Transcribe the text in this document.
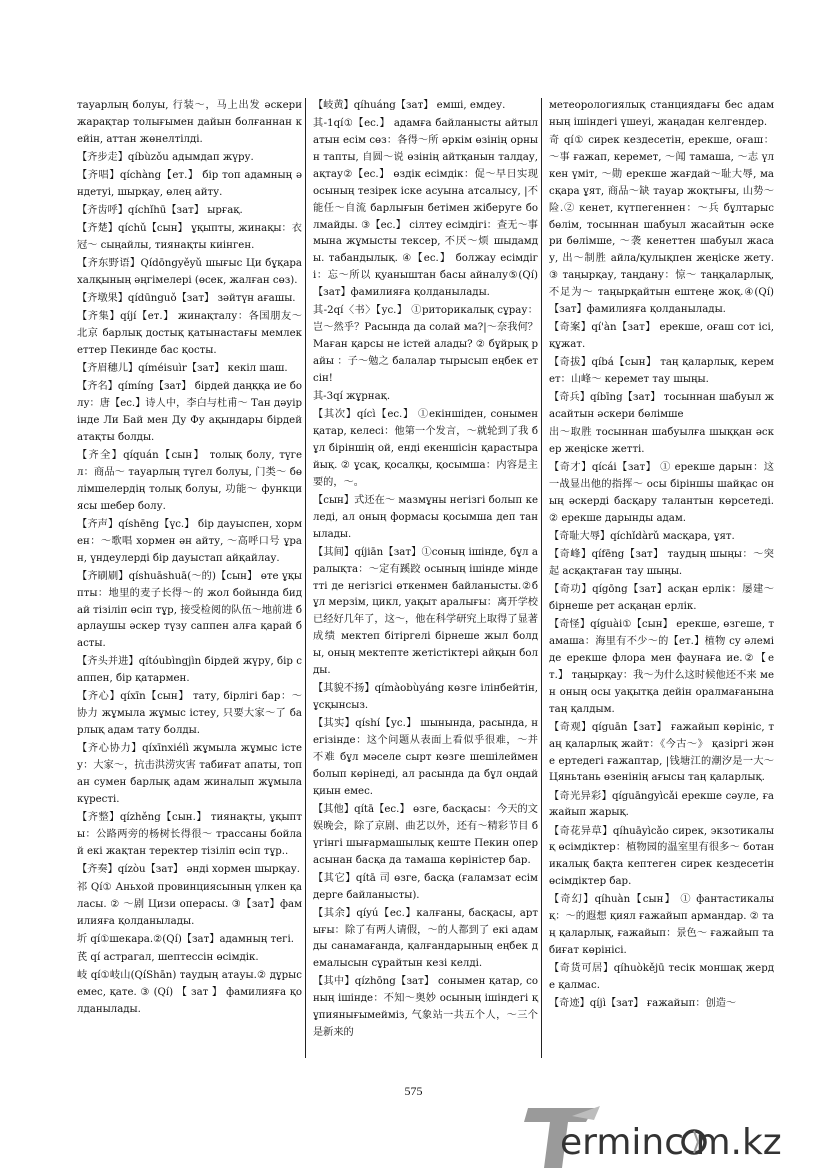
тауарлың болуы, 行装～，马上出发 әскери жарақтар толығымен дайын болғаннан кейін, аттан жөнелтілді.

【齐步走】qíbùzǒu адымдап жүру.

【齐唱】qíchàng【ет.】 бір топ адамның әндетуі, шырқау, өлең айту.

【齐齿呼】qíchǐhū【зат】 ырғақ.

【齐楚】qíchǔ【сын】 ұқыпты, жинақы：衣冠～ сыңайлы, тиянақты киінген.

【齐东野语】Qídōngyěyǔ шығыс Ци бұқара халқының әңгімелері (өсек, жалған сөз).

【齐墩果】qídūnguǒ【зат】 зәйтүн ағашы.

【齐集】qíjí【ет.】 жинақталу：各国朋友～北京 барлық достық қатынастағы мемлекеттер Пекинде бас қосты.

【齐眉穗儿】qíméisuìr【зат】 кекіл шаш.

【齐名】qímíng【зат】 бірдей даңққа ие болу：唐【ес.】诗人中，李白与杜甫～ Тан дәуірінде Ли Бай мен Ду Фу ақындары бірдей атақты болды.

【齐全】qíquán【сын】 толық болу, түгел：商品～ тауарлың түгел болуы, 门类～ бөлімшелердің толық болуы, 功能～ функциясы шебер болу.

【齐声】qíshēng【үс.】 бір дауыспен, хормен：～歌唱 хормен ән айту, ～高呼口号 ұран, үндеулерді бір дауыстап айқайлау.

【齐刷刷】qíshuāshuā(～的)【сын】 өте ұқыпты：地里的麦子长得～的 жол бойында бидай тізіліп өсіп тұр, 接受检阅的队伍～地前进 барлаушы әскер түзу саппен алға қарай басты.

【齐头并进】qítóubìngjìn бірдей жүру, бір саппен, бір қатармен.

【齐心】qíxīn【сын】 тату, бірлігі бар：～协力 жұмыла жұмыс істеу, 只要大家～了 барлық адам тату болды.

【齐心协力】qíxīnxiélì жұмыла жұмыс істеу：大家～，抗击洪涝灾害 табиғат апаты, топан сумен барлық адам жиналып жұмыла күресті.

【齐整】qízhěng【сын.】 тиянақты, ұқыпты：公路两旁的杨树长得很～ трассаны бойлай екі жақтан теректер тізіліп өсіп тұр..

【齐奏】qízòu【зат】 әнді хормен шырқау.

祁 Qí① Аньхой провинциясының үлкен қаласы. ② ～剧 Цизи операсы. ③【зат】фамилияға қолданылады.

圻 qí①шекара.②(Qí)【зат】адамның тегі.

芪 qí астрагал, шептессін өсімдік.

岐 qí①岐山(QíShān) таудың атауы.② дұрыс емес, қате. ③ (Qí) 【 зат 】 фамилияға қолданылады.

【岐黄】qíhuáng【зат】 емші, емдеу.

其-1qí①【ес.】 адамға байланысты айтылатын есім сөз：各得～所 әркім өзінің орнын тапты, 自圆～说 өзінің айтқанын талдау, ақтау②【ес.】 өздік есімдік：促～早日实现 осының тезірек іске асуына атсалысу, |不能任～自流 барлығын бетімен жіберуге болмайды. ③【ес.】 сілтеу есімдігі：查无～事 мына жұмысты тексер, 不厌～烦 шыдамды. табандылық. ④【ес.】 болжау есімдігі：忘～所以 қуаныштан басы айналу⑤(Qí)【зат】фамилияға қолданылады.

其-2qí〈书〉【ус.】 ①риторикалық сұрау：岂～然乎？Расында да солай ма?|～奈我何？Маған қарсы не істей алады? ② бұйрық райы ：子～勉之 балалар тырысып еңбек етсін!

其-3qí жұрнақ.

【其次】qícì【ес.】 ①екіншіден, сонымен қатар, келесі：他第一个发言，～就轮到了我 бұл біріншің ой, енді екеншісін қарастырайық. ② ұсақ, қосалқы, қосымша：内容是主要的，～。

【сын】式还在～ мазмұны негізгі болып келеді, ал оның формасы қосымша деп танылады.

【其间】qíjiān【зат】①соның ішінде, бұл аралықта：～定有蹊跤 осының ішінде міндетті де негізгісі өткенмен байланысты.②бұл мерзім, цикл, уақыт аралығы：离开学校已经好几年了，这～，他在科学研究上取得了显著成绩 мектеп бітіргелі бірнеше жыл болды, оның мектепте жетістіктері айқын болды.

【其貌不扬】qímàobùyáng көзге ілінбейтін, ұсқынсыз.

【其实】qíshí【ус.】 шынында, расында, негізінде：这个问题从表面上看似乎很难，～并不难 бұл мәселе сырт көзге шешілеймен болып көрінеді, ал расында да бұл оңдай қиын емес.

【其他】qítā【ес.】 өзге, басқасы：今天的文娱晚会，除了京剧、曲艺以外，还有～精彩节目 бүгінгі шығармашылық кеште Пекин операсынан басқа да тамаша көріністер бар.

【其它】qítā 司 өзге, басқа (ғаламзат есімдерге байланысты).

【其余】qíyú【ес.】калғаны, басқасы, артығы：除了有两人请假，～的人都到了 екі адамды санамағанда, қалғандарының еңбек демалысын сұрайтын кезі келді.

【其中】qízhōng【зат】 сонымен қатар, соның ішінде：不知～奥妙 осының ішіндегі құпиянығымейміз, 气象站一共五个人，～三个是新来的

метеорологиялық станциядағы бес адамның ішіндегі үшеуі, жаңадан келгендер.

奇 qí① сирек кездесетін, ерекше, оғаш：～事 ғажап, керемет, ～闻 тамаша, ～志 үлкен үміт, ～勋 ерекше жағдай～耻大辱, масқара ұят, 商品～缺 тауар жоқтығы, 山势～险.② кенет, күтпегеннен：～兵 бұлтарыс бөлім, тосыннан шабуыл жасайтын әскери бөлімше, ～袭 кенеттен шабуыл жасау, 出～制胜 айла/қулықпен жеңіске жету. ③ таңырқау, таңдану：惊～ таңқаларлық, 不足为～ таңырқайтын ештеңе жоқ.④(Qí)【зат】фамилияға қолданылады.

【奇案】qí'àn【зат】 ерекше, оғаш сот ісі, құжат.

【奇拔】qíbá【сын】 таң қаларлық, керемет：山峰～ керемет тау шыңы.

【奇兵】qíbīng【зат】 тосыннан шабуыл жасайтын әскери бөлімше

出～取胜 тосыннан шабуылға шыққан әскер жеңіске жетті.

【奇才】qícái【зат】 ① ерекше дарын：这一战显出他的指挥～ осы біріншы шайқас оның әскерді басқару талантын көрсетеді.② ерекше дарынды адам.

【奇耻大辱】qíchǐdàrǔ масқара, ұят.

【奇峰】qífēng【зат】 таудың шыңы：～突起 асқақтаған тау шыңы.

【奇功】qígōng【зат】асқан ерлік：屡建～ бірнеше рет асқаңан ерлік.

【奇怪】qíguài①【сын】 ерекше, өзгеше, тамаша：海里有不少～的【ет.】植物 су әлемі де ерекше флора мен фаунаға ие.②【ет.】 таңырқау：我～为什么这时候他还不来 мен оның осы уақытқа дейін оралмағанына таң қалдым.

【奇观】qíguān【зат】 ғажайып көрініс, таң қаларлық жайт：《今古～》 қазіргі және ертедегі ғажаптар, |钱塘江的潮汐是一大～ Цяньтань өзенінің ағысы таң қаларлық.

【奇光异彩】qíguāngyìcǎi ерекше сәуле, ғажайып жарық.

【奇花异草】qíhuāyìcǎo сирек, экзотикалық өсімдіктер：植物园的温室里有很多～ ботаникалық бақта кептеген сирек кездесетін өсімдіктер бар.

【奇幻】qíhuàn【сын】 ① фантастикалық：～的遐想 қиял ғажайып армандар. ② таң қаларлық, ғажайып：景色～ ғажайып табиғат көрінісі.

【奇货可居】qíhuòkějū тесік моншақ жерде қалмас.

【奇迹】qíjì【зат】 ғажайып：创造～

575
erminc m.kz
